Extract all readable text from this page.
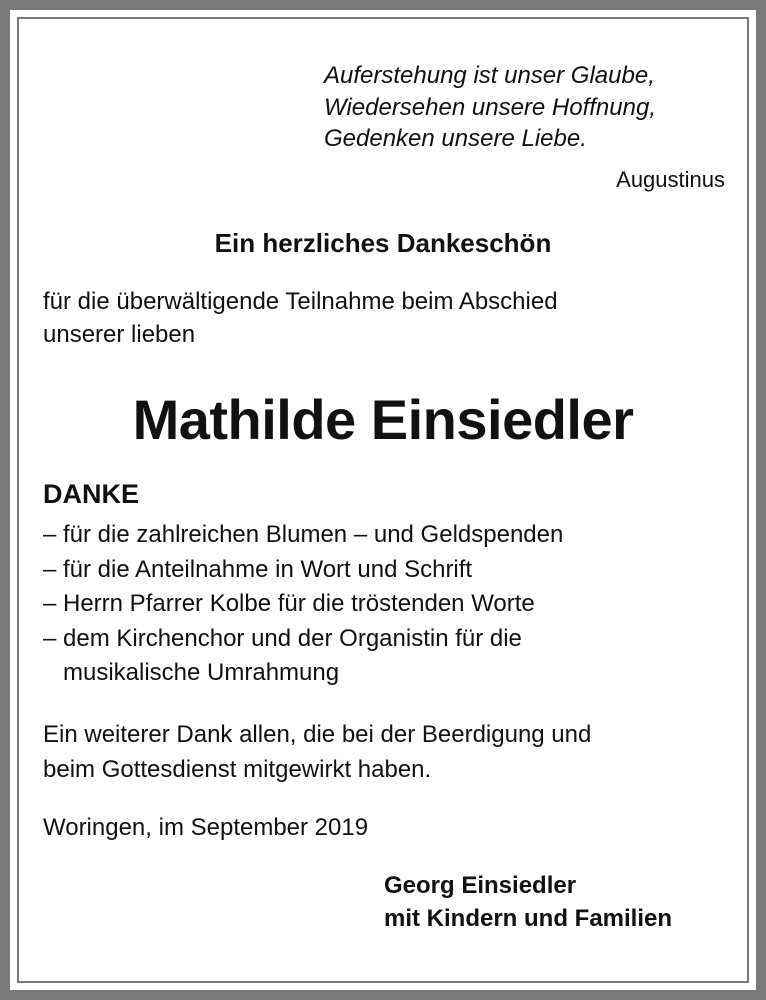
Auferstehung ist unser Glaube,
Wiedersehen unsere Hoffnung,
Gedenken unsere Liebe.
Augustinus
Ein herzliches Dankeschön
für die überwältigende Teilnahme beim Abschied
unserer lieben
Mathilde Einsiedler
DANKE
– für die zahlreichen Blumen – und Geldspenden
– für die Anteilnahme in Wort und Schrift
– Herrn Pfarrer Kolbe für die tröstenden Worte
– dem Kirchenchor und der Organistin für die
musikalische Umrahmung
Ein weiterer Dank allen, die bei der Beerdigung und
beim Gottesdienst mitgewirkt haben.
Woringen, im September 2019
Georg Einsiedler
mit Kindern und Familien
